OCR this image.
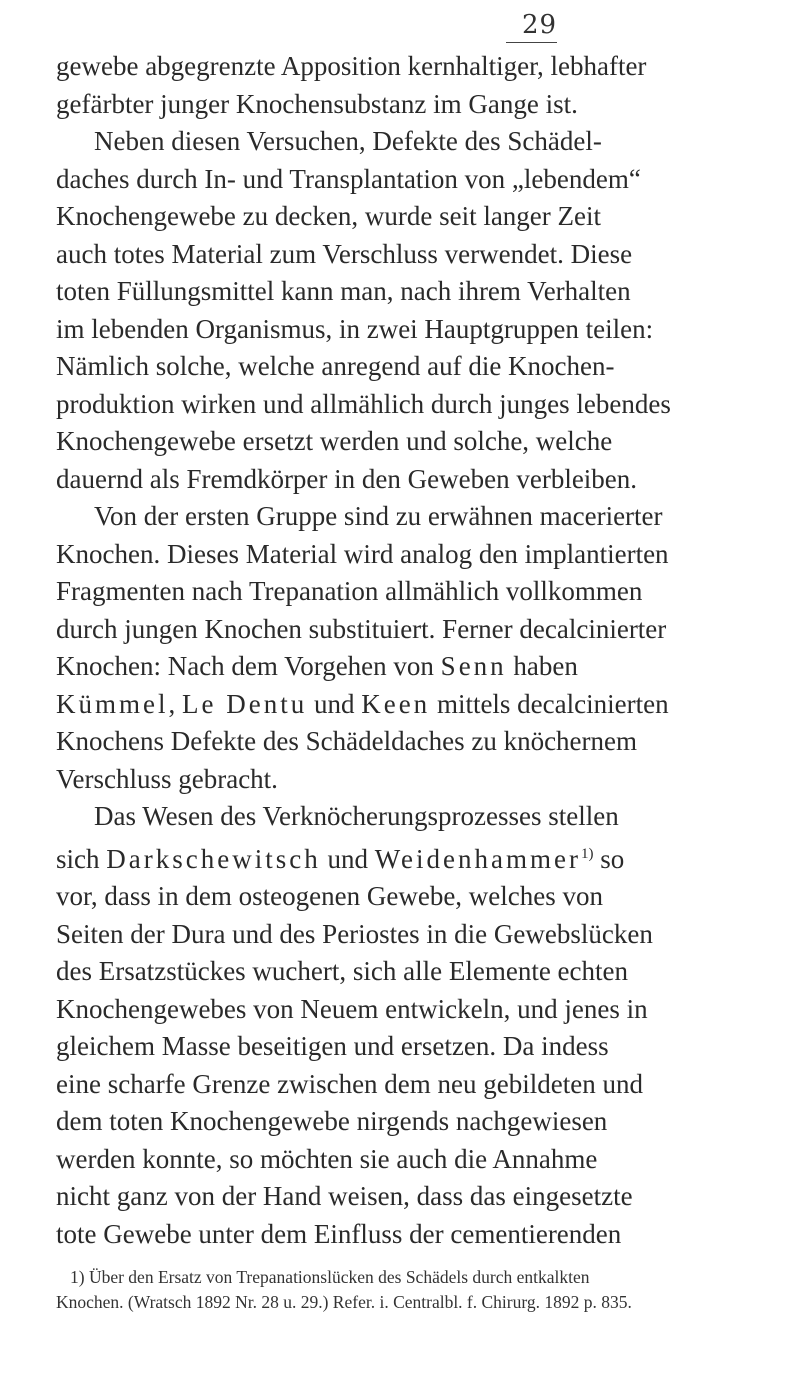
29
gewebe abgegrenzte Apposition kernhaltiger, lebhafter
gefärbter junger Knochensubstanz im Gange ist.
Neben diesen Versuchen, Defekte des Schädel-
daches durch In- und Transplantation von „lebendem“
Knochengewebe zu decken, wurde seit langer Zeit
auch totes Material zum Verschluss verwendet. Diese
toten Füllungsmittel kann man, nach ihrem Verhalten
im lebenden Organismus, in zwei Hauptgruppen teilen:
Nämlich solche, welche anregend auf die Knochen-
produktion wirken und allmählich durch junges lebendes
Knochengewebe ersetzt werden und solche, welche
dauernd als Fremdkörper in den Geweben verbleiben.
Von der ersten Gruppe sind zu erwähnen macerierter
Knochen. Dieses Material wird analog den implantierten
Fragmenten nach Trepanation allmählich vollkommen
durch jungen Knochen substituiert. Ferner decalcinierter
Knochen: Nach dem Vorgehen von Senn haben
Kümmel, Le Dentu und Keen mittels decalcinierten
Knochens Defekte des Schädeldaches zu knöchernem
Verschluss gebracht.
Das Wesen des Verknöcherungsprozesses stellen
sich Darkschewitsch und Weidenhammer$^{1)}$ so
vor, dass in dem osteogenen Gewebe, welches von
Seiten der Dura und des Periostes in die Gewebslücken
des Ersatzstückes wuchert, sich alle Elemente echten
Knochengewebes von Neuem entwickeln, und jenes in
gleichem Masse beseitigen und ersetzen. Da indess
eine scharfe Grenze zwischen dem neu gebildeten und
dem toten Knochengewebe nirgends nachgewiesen
werden konnte, so möchten sie auch die Annahme
nicht ganz von der Hand weisen, dass das eingesetzte
tote Gewebe unter dem Einfluss der cementierenden
1) Über den Ersatz von Trepanationslücken des Schädels durch entkalkten
Knochen. (Wratsch 1892 Nr. 28 u. 29.) Refer. i. Centralbl. f. Chirurg. 1892 p. 835.
